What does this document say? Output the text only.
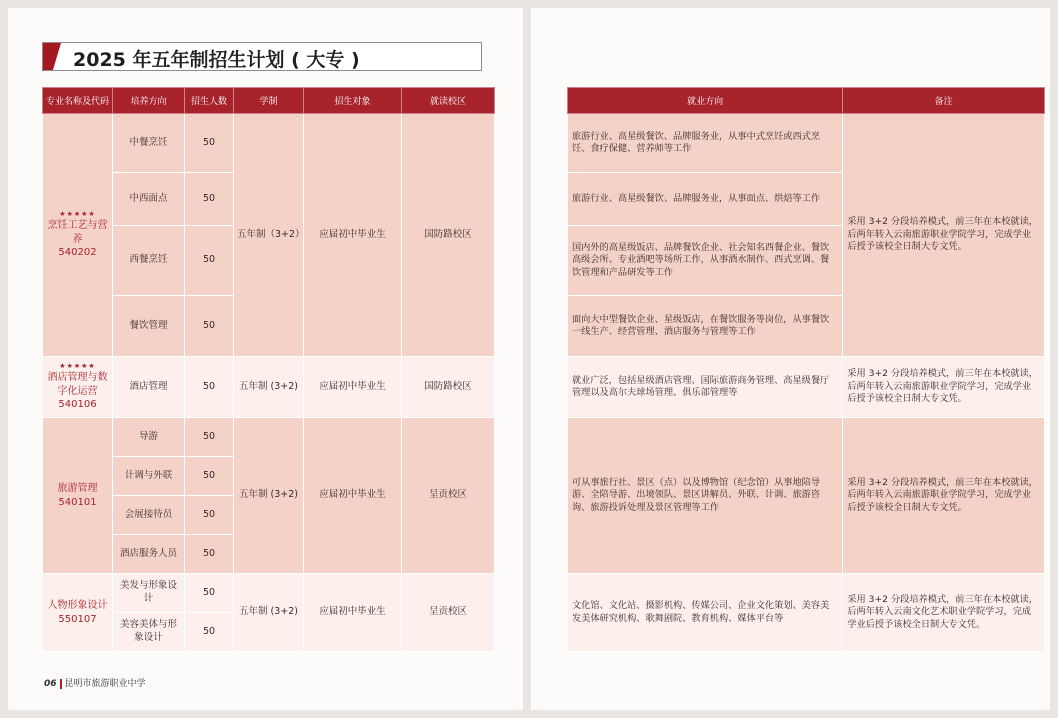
2025 年五年制招生计划 ( 大专 )
专业名称及代码	培养方向	招生人数	学制	招生对象	就读校区

★★★★★
烹饪工艺与营养
540202	中餐烹饪	50	五年制（3+2）	应届初中毕业生	国防路校区
	中西面点	50			
	西餐烹饪	50			
	餐饮管理	50			

★★★★★
酒店管理与数字化运营
540106	酒店管理	50	五年制 (3+2)	应届初中毕业生	国防路校区

旅游管理
540101	导游	50	五年制 (3+2)	应届初中毕业生	呈贡校区
	计调与外联	50			
	会展接待员	50			
	酒店服务人员	50			

人物形象设计
550107	美发与形象设计	50	五年制 (3+2)	应届初中毕业生	呈贡校区
	美容美体与形象设计	50			
就业方向	备注
旅游行业、高星级餐饮、品牌服务业，从事中式烹饪或西式烹饪、食疗保健、营养师等工作	采用 3+2 分段培养模式，前三年在本校就读，后两年转入云南旅游职业学院学习，完成学业后授予该校全日制大专文凭。
旅游行业、高星级餐饮、品牌服务业，从事面点、烘焙等工作	
国内外的高星级饭店、品牌餐饮企业、社会知名西餐企业、餐饮高级会所、专业酒吧等场所工作，从事酒水制作、西式烹调、餐饮管理和产品研发等工作	
面向大中型餐饮企业、星级饭店，在餐饮服务等岗位，从事餐饮一线生产、经营管理、酒店服务与管理等工作	
就业广泛，包括星级酒店管理、国际旅游商务管理、高星级餐厅管理以及高尔夫球场管理、俱乐部管理等	采用 3+2 分段培养模式，前三年在本校就读，后两年转入云南旅游职业学院学习，完成学业后授予该校全日制大专文凭。
可从事旅行社、景区（点）以及博物馆（纪念馆）从事地陪导游、全陪导游、出境领队、景区讲解员、外联、计调、旅游咨询、旅游投诉处理及景区管理等工作	采用 3+2 分段培养模式，前三年在本校就读，后两年转入云南旅游职业学院学习，完成学业后授予该校全日制大专文凭。
文化馆、文化站、摄影机构、传媒公司、企业文化策划、美容美发美体研究机构、歌舞剧院、教育机构、媒体平台等	采用 3+2 分段培养模式，前三年在本校就读，后两年转入云南文化艺术职业学院学习，完成学业后授予该校全日制大专文凭。
06 昆明市旅游职业中学
